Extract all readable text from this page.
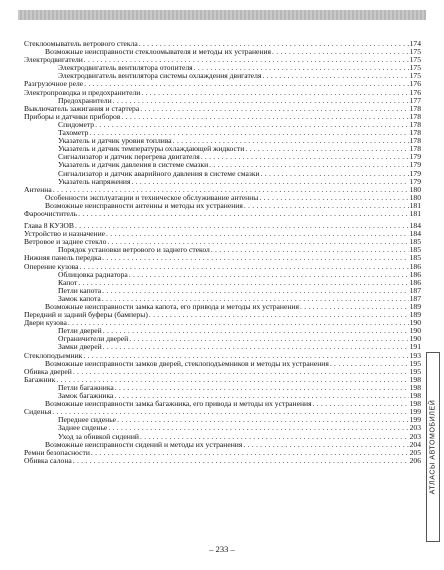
Стеклоомыватель ветрового стекла . . .	174
Возможные неисправности стеклоомывателя и методы их устранения . . .	175
Электродвигатели . . .	175
Электродвигатель вентилятора отопителя . . .	175
Электродвигатель вентилятора системы охлаждения двигателя . . .	175
Разгрузочное реле . . .	176
Электропроводка и предохранители . . .	176
Предохранители . . .	177
Выключатель зажигания и стартера . . .	178
Приборы и датчики приборов . . .	178
Спидометр . . .	178
Тахометр . . .	178
Указатель и датчик уровня топлива . . .	178
Указатель и датчик температуры охлаждающей жидкости . . .	178
Сигнализатор и датчик перегрева двигателя . . .	179
Указатель и датчик давления в системе смазки . . .	179
Сигнализатор и датчик аварийного давления в системе смазки . . .	179
Указатель напряжения . . .	179
Антенна . . .	180
Особенности эксплуатации и техническое обслуживание антенны . . .	180
Возможные неисправности антенны и методы их устранения . . .	181
Фароочиститель . . .	181
Глава 8 КУЗОВ . . .	184
Устройство и назначение . . .	184
Ветровое и заднее стекло . . .	185
Порядок установки ветрового и заднего стекол . . .	185
Нижняя панель передка . . .	185
Оперение кузова . . .	186
Облицовка радиатора . . .	186
Капот . . .	186
Петли капота . . .	187
Замок капота . . .	187
Возможные неисправности замка капота, его привода и методы их устранения . . .	189
Передний и задний буферы (бамперы) . . .	189
Двери кузова . . .	190
Петли дверей . . .	190
Ограничители дверей . . .	190
Замки дверей . . .	191
Стеклоподъемник . . .	193
Возможные неисправности замков дверей, стеклоподъемников и методы их устранения . . .	195
Обивка дверей . . .	195
Багажник . . .	198
Петли багажника . . .	198
Замок багажника . . .	198
Возможные неисправности замка багажника, его привода и методы их устранения . . .	198
Сиденья . . .	199
Переднее сиденье . . .	199
Заднее сиденье . . .	203
Уход за обивкой сидений . . .	203
Возможные неисправности сидений и методы их устранения . . .	204
Ремни безопасности . . .	205
Обивка салона . . .	206 АТЛАСЫ АВТОМОБИЛЕЙ
– 233 –
